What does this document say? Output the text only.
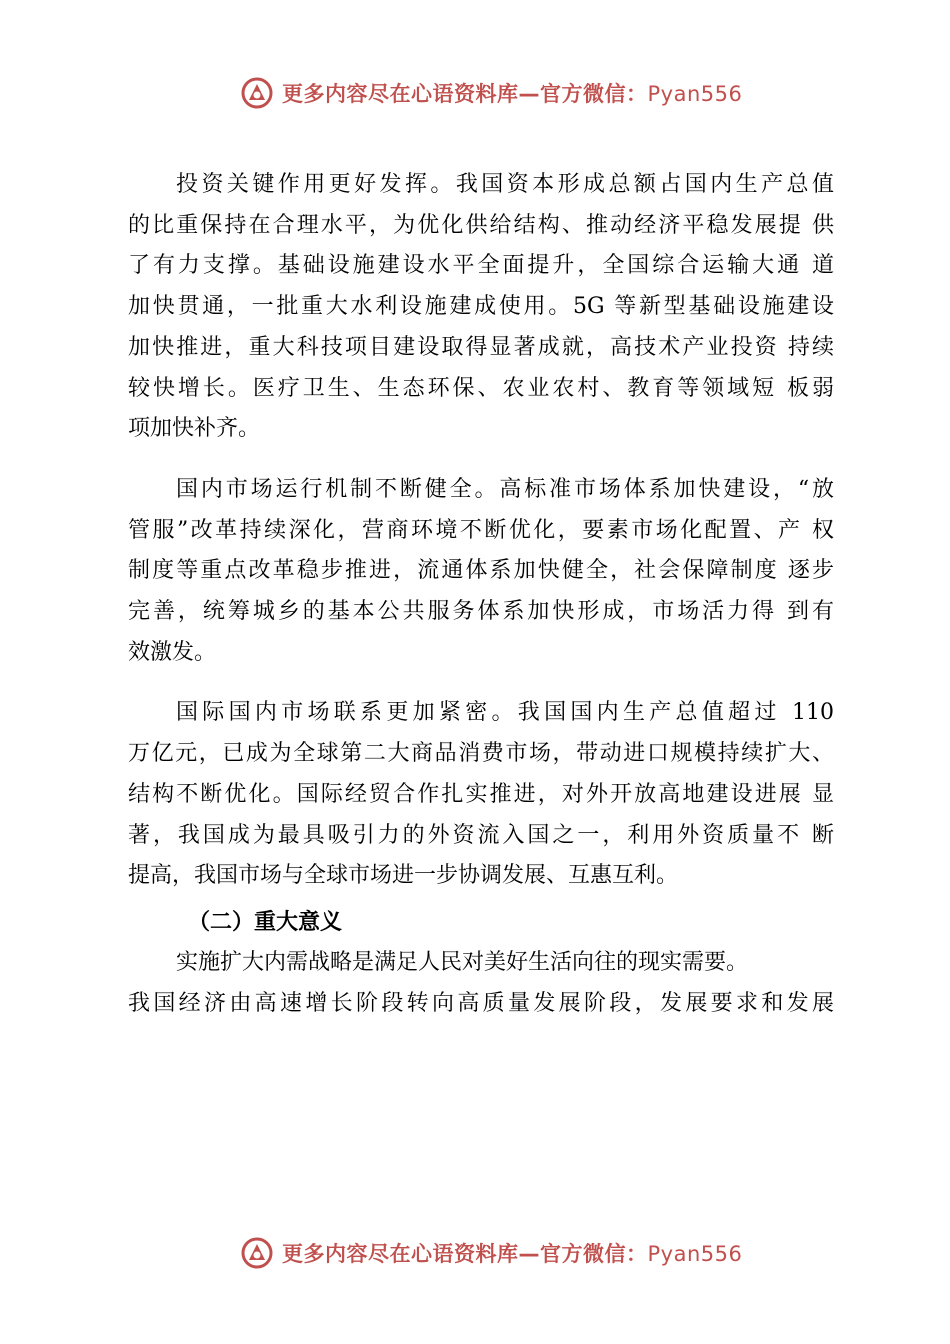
更多内容尽在心语资料库—官方微信：Pyan556
投资关键作用更好发挥。我国资本形成总额占国内生产总值
的比重保持在合理水平，为优化供给结构、推动经济平稳发展提 供
了有力支撑。基础设施建设水平全面提升，全国综合运输大通 道
加快贯通，一批重大水利设施建成使用。5G 等新型基础设施建设
加快推进，重大科技项目建设取得显著成就，高技术产业投资 持续
较快增长。医疗卫生、生态环保、农业农村、教育等领域短 板弱
项加快补齐。
国内市场运行机制不断健全。高标准市场体系加快建设，“放
管服”改革持续深化，营商环境不断优化，要素市场化配置、产 权
制度等重点改革稳步推进，流通体系加快健全，社会保障制度 逐步
完善，统筹城乡的基本公共服务体系加快形成，市场活力得 到有
效激发。
国际国内市场联系更加紧密。我国国内生产总值超过 110
万亿元，已成为全球第二大商品消费市场，带动进口规模持续扩大、
结构不断优化。国际经贸合作扎实推进，对外开放高地建设进展 显
著，我国成为最具吸引力的外资流入国之一，利用外资质量不 断
提高，我国市场与全球市场进一步协调发展、互惠互利。
（二）重大意义
实施扩大内需战略是满足人民对美好生活向往的现实需要。
我国经济由高速增长阶段转向高质量发展阶段，发展要求和发展
更多内容尽在心语资料库—官方微信：Pyan556
